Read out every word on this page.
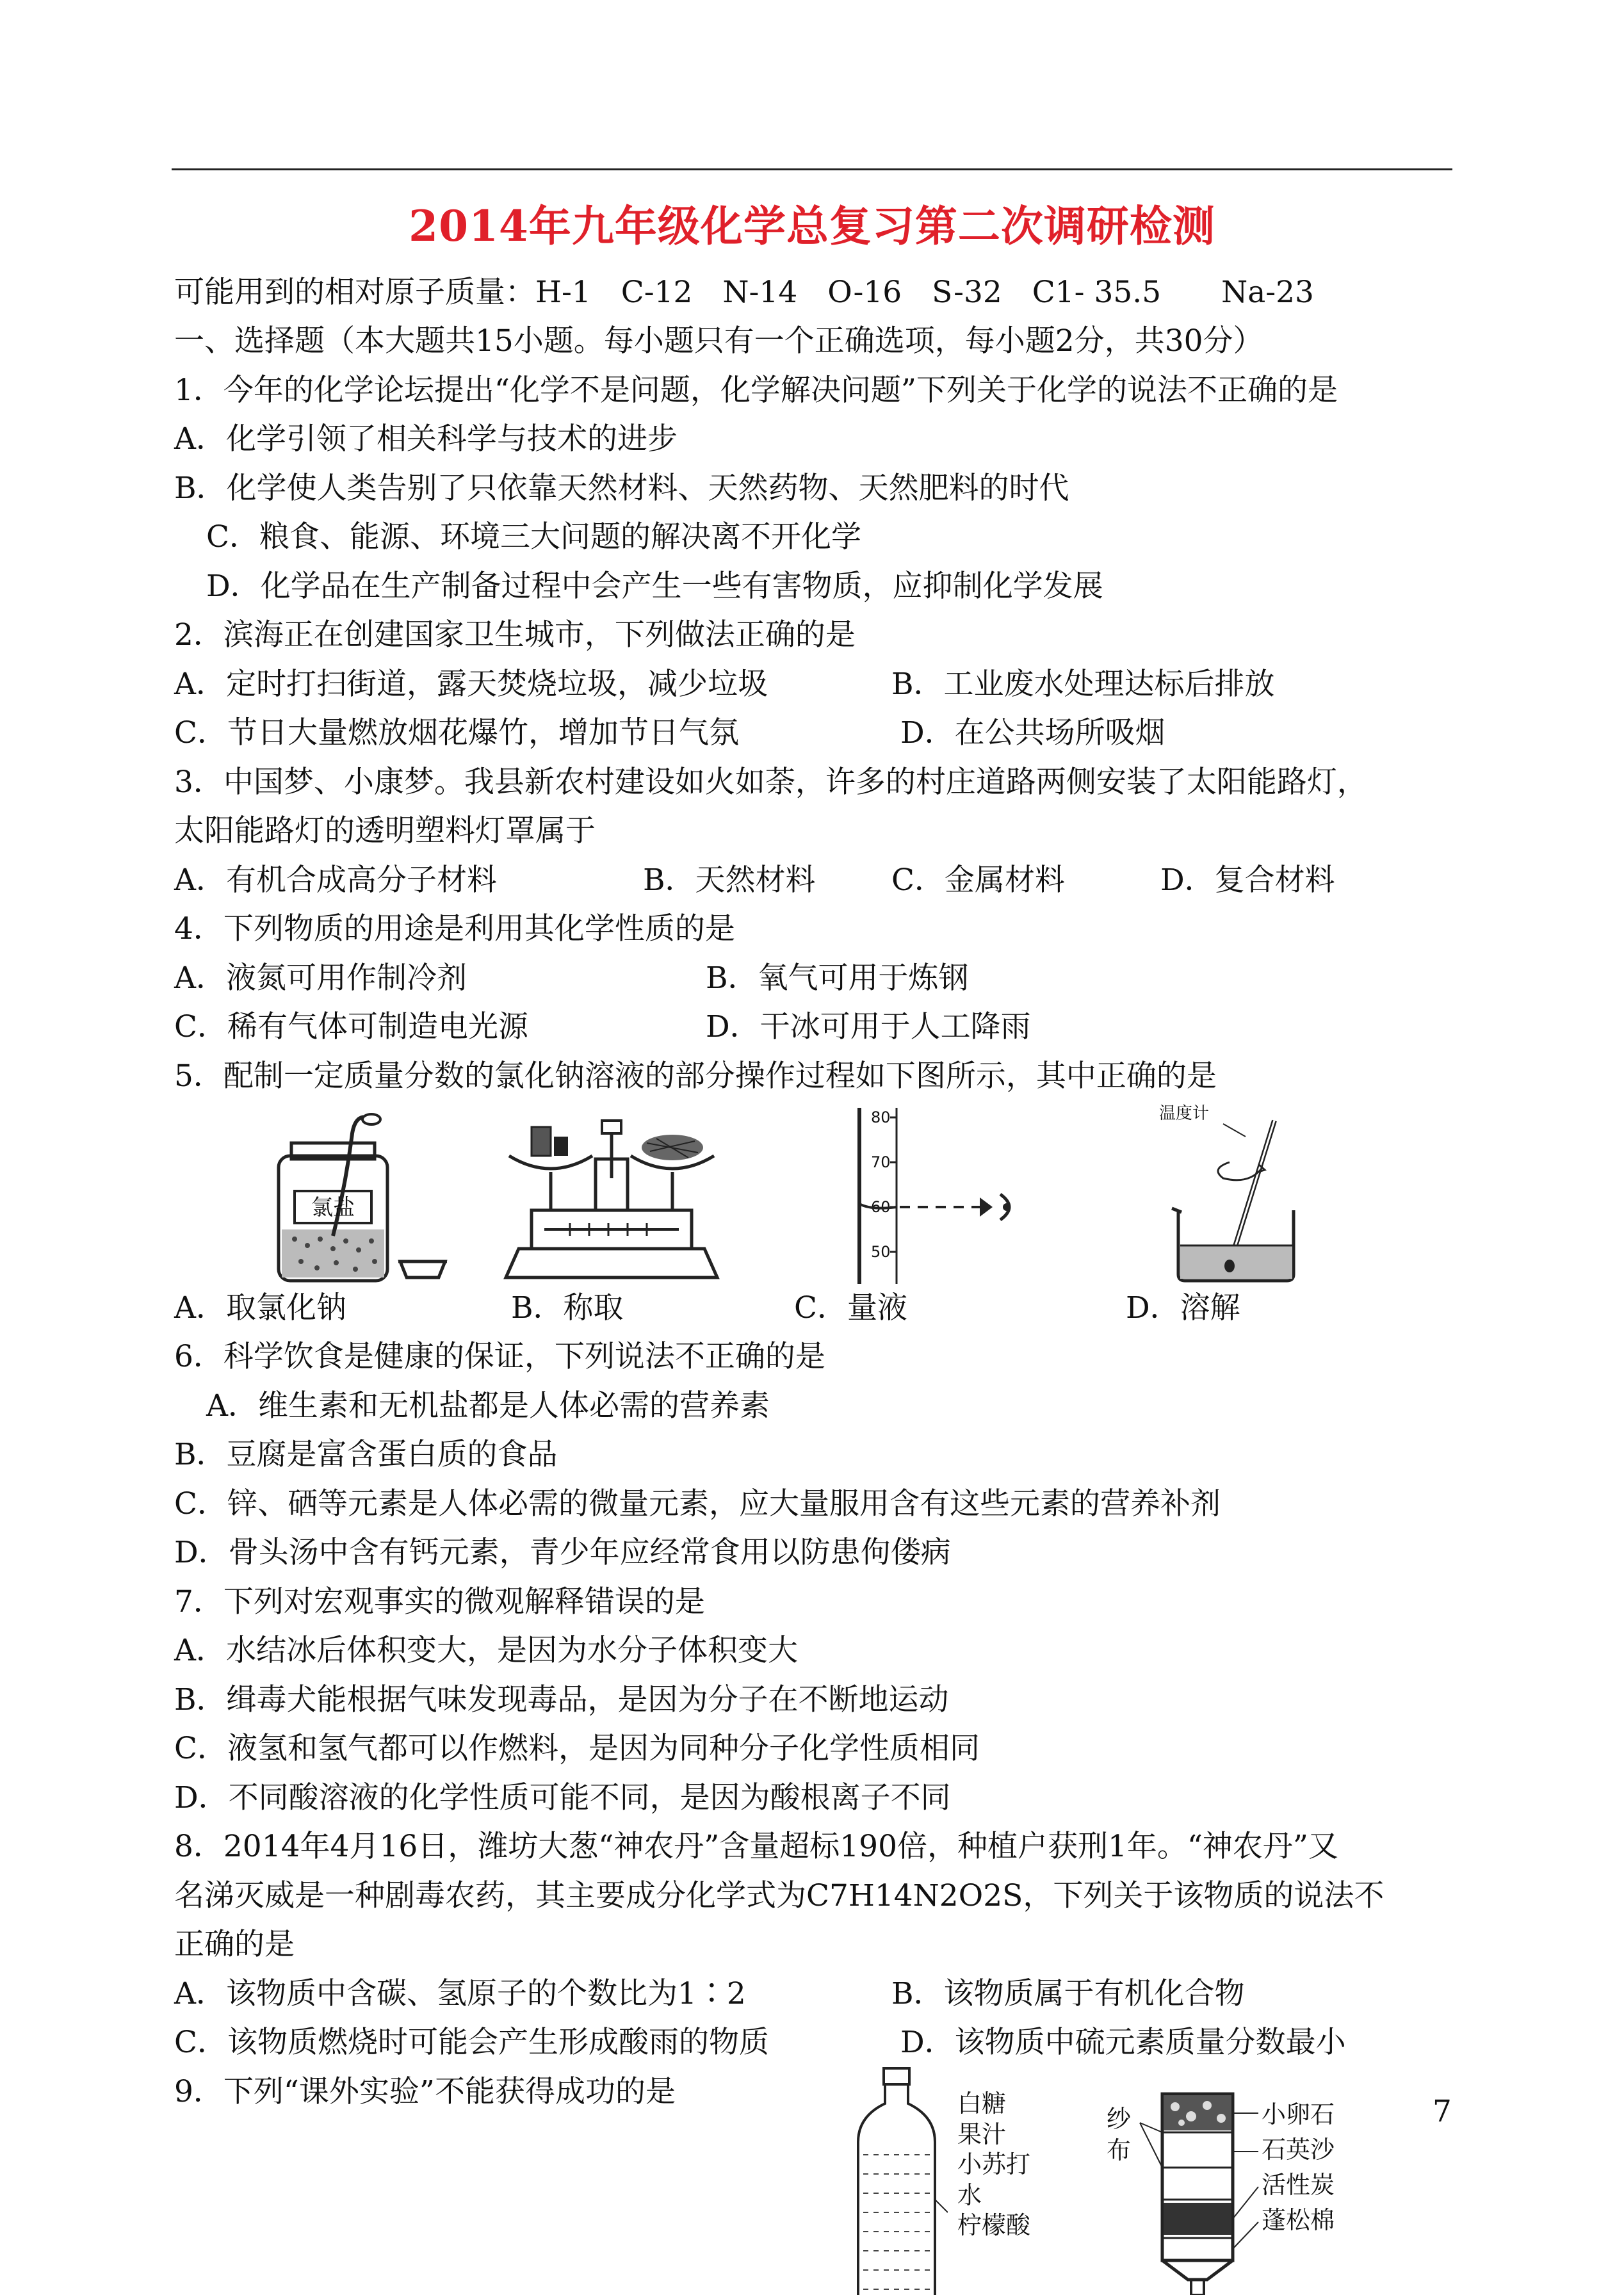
2014年九年级化学总复习第二次调研检测
可能用到的相对原子质量：H-1　C-12　N-14　O-16　S-32　C1- 35.5　　Na-23
一、选择题（本大题共15小题。每小题只有一个正确选项，每小题2分，共30分）
1．今年的化学论坛提出“化学不是问题，化学解决问题”下列关于化学的说法不正确的是
A．化学引领了相关科学与技术的进步
B．化学使人类告别了只依靠天然材料、天然药物、天然肥料的时代
C．粮食、能源、环境三大问题的解决离不开化学
D．化学品在生产制备过程中会产生一些有害物质，应抑制化学发展
2．滨海正在创建国家卫生城市，下列做法正确的是
A．定时打扫街道，露天焚烧垃圾，减少垃圾	B．工业废水处理达标后排放
C．节日大量燃放烟花爆竹，增加节日气氛	D．在公共场所吸烟
3．中国梦、小康梦。我县新农村建设如火如荼，许多的村庄道路两侧安装了太阳能路灯，
太阳能路灯的透明塑料灯罩属于
A．有机合成高分子材料	B．天然材料	C．金属材料	D．复合材料
4．下列物质的用途是利用其化学性质的是
A．液氮可用作制冷剂	B．氧气可用于炼钢
C．稀有气体可制造电光源	D．干冰可用于人工降雨
5．配制一定质量分数的氯化钠溶液的部分操作过程如下图所示，其中正确的是
氯盐
80
70
60
50
温度计
A．取氯化钠	B．称取	C．量液	D．溶解
6．科学饮食是健康的保证，下列说法不正确的是
A．维生素和无机盐都是人体必需的营养素
B．豆腐是富含蛋白质的食品
C．锌、硒等元素是人体必需的微量元素，应大量服用含有这些元素的营养补剂
D．骨头汤中含有钙元素，青少年应经常食用以防患佝偻病
7．下列对宏观事实的微观解释错误的是
A．水结冰后体积变大，是因为水分子体积变大
B．缉毒犬能根据气味发现毒品，是因为分子在不断地运动
C．液氢和氢气都可以作燃料，是因为同种分子化学性质相同
D．不同酸溶液的化学性质可能不同，是因为酸根离子不同
8．2014年4月16日，潍坊大葱“神农丹”含量超标190倍，种植户获刑1年。“神农丹”又
名涕灭威是一种剧毒农药，其主要成分化学式为C7H14N2O2S，下列关于该物质的说法不
正确的是
A．该物质中含碳、氢原子的个数比为1∶2	B．该物质属于有机化合物
C．该物质燃烧时可能会产生形成酸雨的物质	D．该物质中硫元素质量分数最小
9．下列“课外实验”不能获得成功的是	白糖
果汁
小苏打
水
柠檬酸
纱布
小卵石
石英沙
活性炭
蓬松棉
7
